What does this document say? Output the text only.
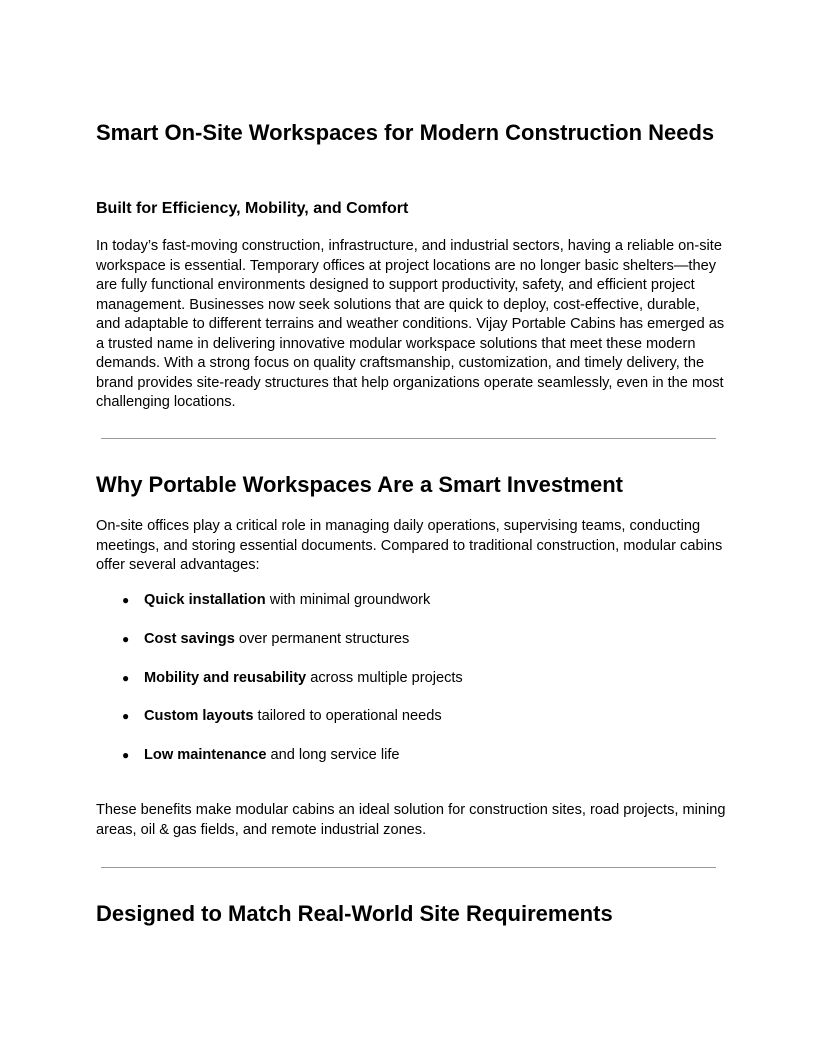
Smart On-Site Workspaces for Modern Construction Needs
Built for Efficiency, Mobility, and Comfort

In today’s fast-moving construction, infrastructure, and industrial sectors, having a reliable on-site workspace is essential. Temporary offices at project locations are no longer basic shelters—they are fully functional environments designed to support productivity, safety, and efficient project management. Businesses now seek solutions that are quick to deploy, cost-effective, durable, and adaptable to different terrains and weather conditions. Vijay Portable Cabins has emerged as a trusted name in delivering innovative modular workspace solutions that meet these modern demands. With a strong focus on quality craftsmanship, customization, and timely delivery, the brand provides site-ready structures that help organizations operate seamlessly, even in the most challenging locations.

Why Portable Workspaces Are a Smart Investment

On-site offices play a critical role in managing daily operations, supervising teams, conducting meetings, and storing essential documents. Compared to traditional construction, modular cabins offer several advantages:

● Quick installation with minimal groundwork
● Cost savings over permanent structures
● Mobility and reusability across multiple projects
● Custom layouts tailored to operational needs
● Low maintenance and long service life

These benefits make modular cabins an ideal solution for construction sites, road projects, mining areas, oil & gas fields, and remote industrial zones.

Designed to Match Real-World Site Requirements
